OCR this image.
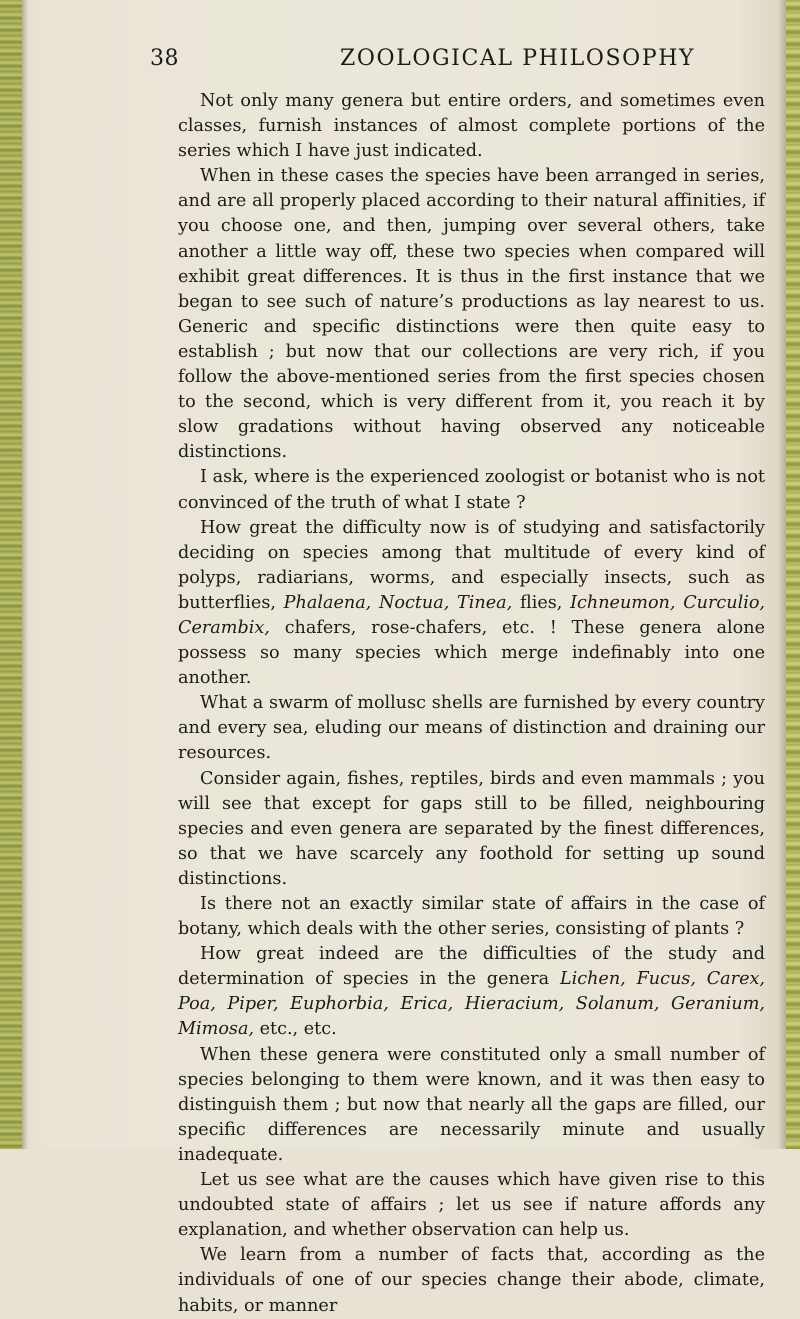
38	ZOOLOGICAL PHILOSOPHY

Not only many genera but entire orders, and sometimes even classes, furnish instances of almost complete portions of the series which I have just indicated.

When in these cases the species have been arranged in series, and are all properly placed according to their natural affinities, if you choose one, and then, jumping over several others, take another a little way off, these two species when compared will exhibit great differences. It is thus in the first instance that we began to see such of nature’s productions as lay nearest to us. Generic and specific distinctions were then quite easy to establish ; but now that our collections are very rich, if you follow the above-mentioned series from the first species chosen to the second, which is very different from it, you reach it by slow gradations without having observed any noticeable distinctions.

I ask, where is the experienced zoologist or botanist who is not convinced of the truth of what I state ?

How great the difficulty now is of studying and satisfactorily deciding on species among that multitude of every kind of polyps, radiarians, worms, and especially insects, such as butterflies, Phalaena, Noctua, Tinea, flies, Ichneumon, Curculio, Cerambix, chafers, rose-chafers, etc. ! These genera alone possess so many species which merge indefinably into one another.

What a swarm of mollusc shells are furnished by every country and every sea, eluding our means of distinction and draining our resources.

Consider again, fishes, reptiles, birds and even mammals ; you will see that except for gaps still to be filled, neighbouring species and even genera are separated by the finest differences, so that we have scarcely any foothold for setting up sound distinctions.

Is there not an exactly similar state of affairs in the case of botany, which deals with the other series, consisting of plants ?

How great indeed are the difficulties of the study and determination of species in the genera Lichen, Fucus, Carex, Poa, Piper, Euphorbia, Erica, Hieracium, Solanum, Geranium, Mimosa, etc., etc.

When these genera were constituted only a small number of species belonging to them were known, and it was then easy to distinguish them ; but now that nearly all the gaps are filled, our specific differences are necessarily minute and usually inadequate.

Let us see what are the causes which have given rise to this undoubted state of affairs ; let us see if nature affords any explanation, and whether observation can help us.

We learn from a number of facts that, according as the individuals of one of our species change their abode, climate, habits, or manner
